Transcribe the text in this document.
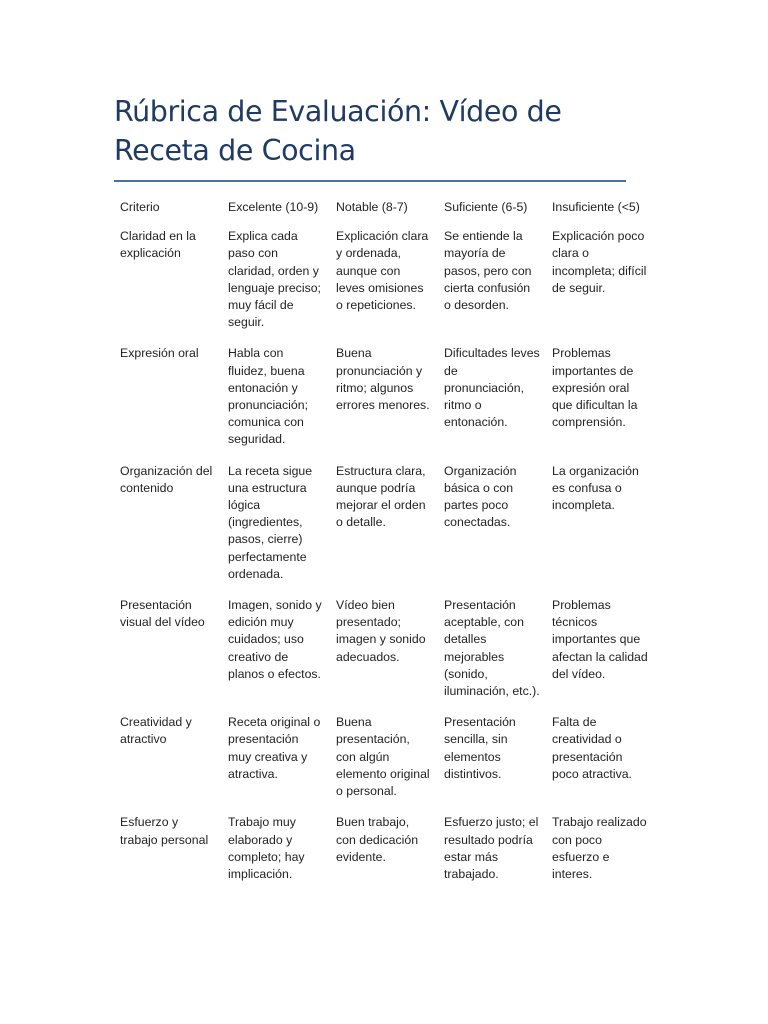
Rúbrica de Evaluación: Vídeo de Receta de Cocina
Criterio	Excelente (10-9)	Notable (8-7)	Suficiente (6-5)	Insuficiente (<5)
Claridad en la explicación	Explica cada paso con claridad, orden y lenguaje preciso; muy fácil de seguir.	Explicación clara y ordenada, aunque con leves omisiones o repeticiones.	Se entiende la mayoría de pasos, pero con cierta confusión o desorden.	Explicación poco clara o incompleta; difícil de seguir.
Expresión oral	Habla con fluidez, buena entonación y pronunciación; comunica con seguridad.	Buena pronunciación y ritmo; algunos errores menores.	Dificultades leves de pronunciación, ritmo o entonación.	Problemas importantes de expresión oral que dificultan la comprensión.
Organización del contenido	La receta sigue una estructura lógica (ingredientes, pasos, cierre) perfectamente ordenada.	Estructura clara, aunque podría mejorar el orden o detalle.	Organización básica o con partes poco conectadas.	La organización es confusa o incompleta.
Presentación visual del vídeo	Imagen, sonido y edición muy cuidados; uso creativo de planos o efectos.	Vídeo bien presentado; imagen y sonido adecuados.	Presentación aceptable, con detalles mejorables (sonido, iluminación, etc.).	Problemas técnicos importantes que afectan la calidad del vídeo.
Creatividad y atractivo	Receta original o presentación muy creativa y atractiva.	Buena presentación, con algún elemento original o personal.	Presentación sencilla, sin elementos distintivos.	Falta de creatividad o presentación poco atractiva.
Esfuerzo y trabajo personal	Trabajo muy elaborado y completo; hay implicación.	Buen trabajo, con dedicación evidente.	Esfuerzo justo; el resultado podría estar más trabajado.	Trabajo realizado con poco esfuerzo e interes.
